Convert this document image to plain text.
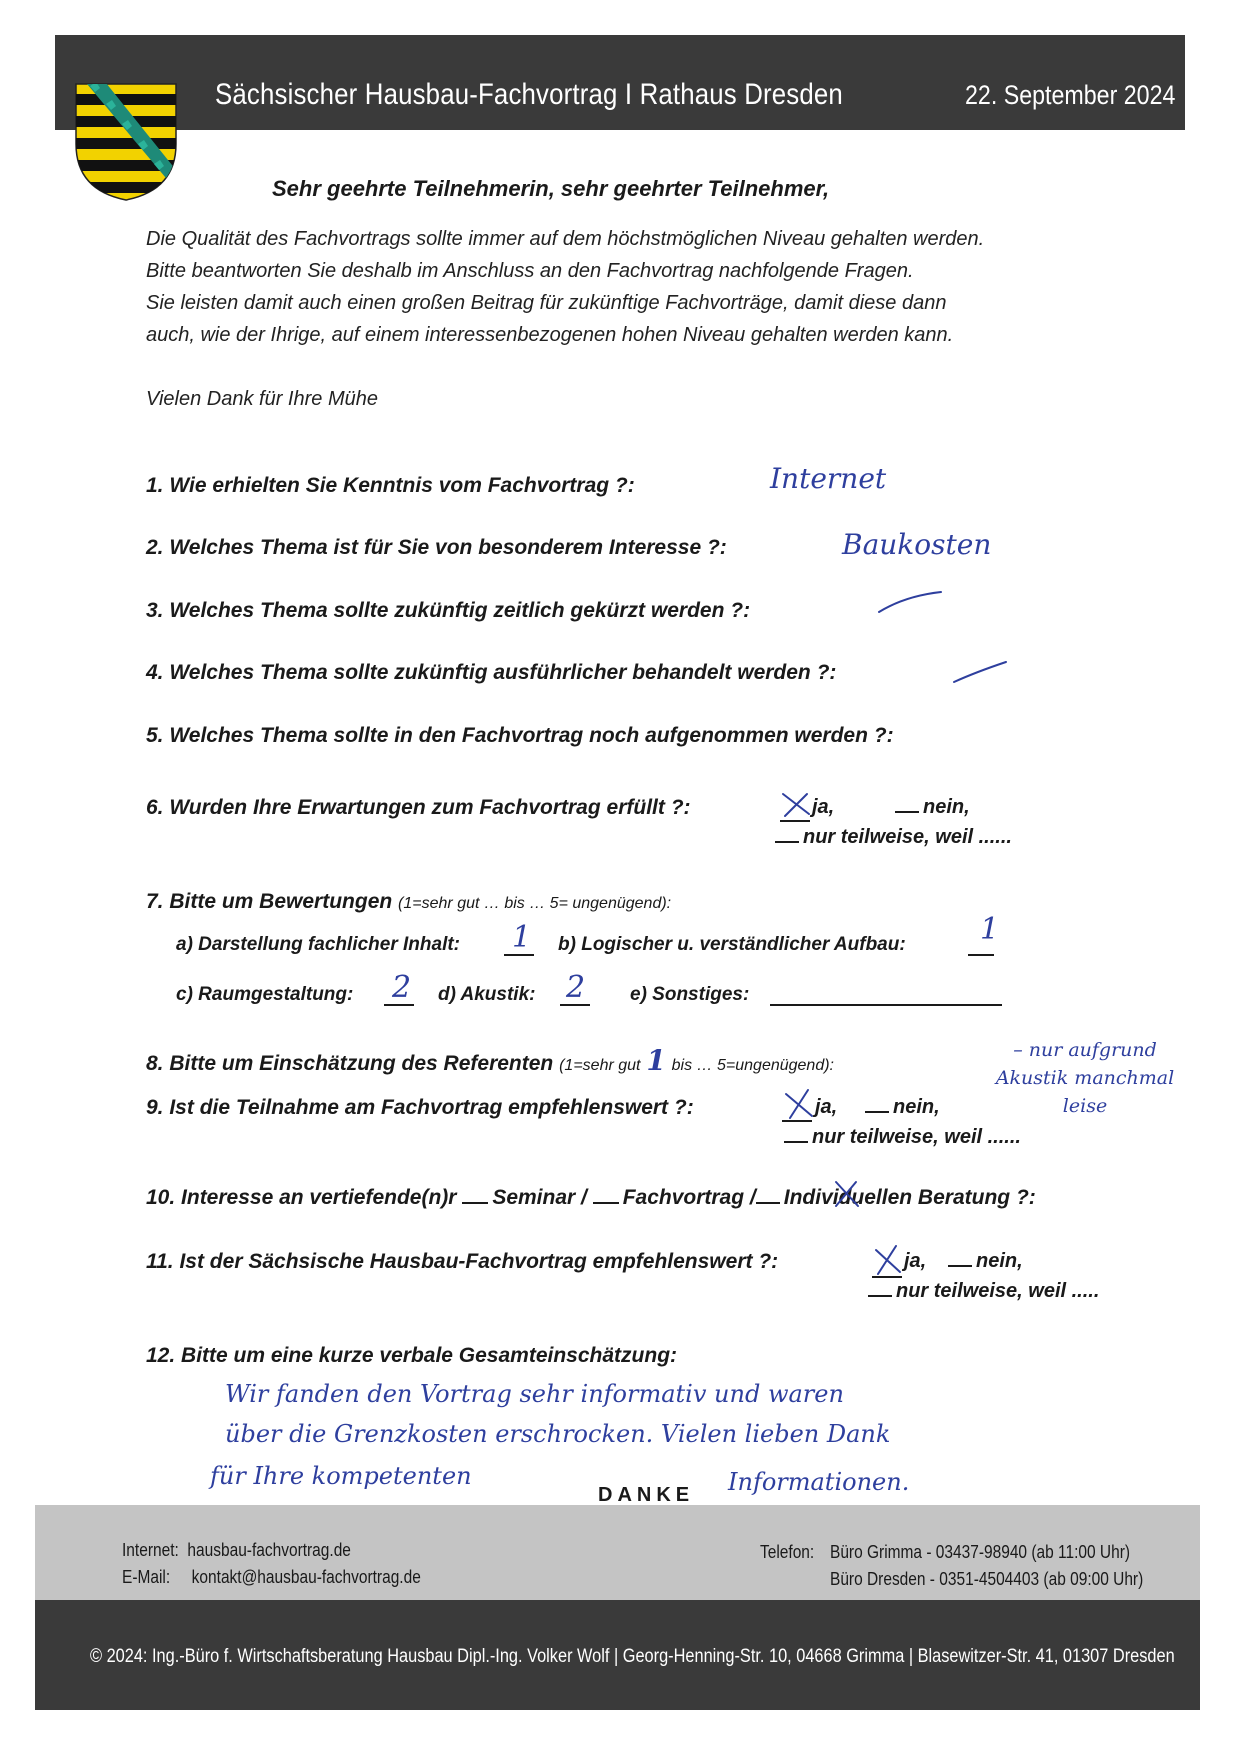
Sächsischer Hausbau-Fachvortrag I Rathaus Dresden	22. September 2024
Sehr geehrte Teilnehmerin, sehr geehrter Teilnehmer,
Die Qualität des Fachvortrags sollte immer auf dem höchstmöglichen Niveau gehalten werden.
Bitte beantworten Sie deshalb im Anschluss an den Fachvortrag nachfolgende Fragen.
Sie leisten damit auch einen großen Beitrag für zukünftige Fachvorträge, damit diese dann
auch, wie der Ihrige, auf einem interessenbezogenen hohen Niveau gehalten werden kann.
Vielen Dank für Ihre Mühe
1. Wie erhielten Sie Kenntnis vom Fachvortrag ?:	Internet
2. Welches Thema ist für Sie von besonderem Interesse ?:	Baukosten
3. Welches Thema sollte zukünftig zeitlich gekürzt werden ?:
4. Welches Thema sollte zukünftig ausführlicher behandelt werden ?:
5. Welches Thema sollte in den Fachvortrag noch aufgenommen werden ?:
6. Wurden Ihre Erwartungen zum Fachvortrag erfüllt ?:	ja,	nein,
nur teilweise, weil ......
7. Bitte um Bewertungen (1=sehr gut … bis … 5= ungenügend):
a) Darstellung fachlicher Inhalt: 1 b) Logischer u. verständlicher Aufbau: 1
c) Raumgestaltung: 2 d) Akustik: 2 e) Sonstiges:
8. Bitte um Einschätzung des Referenten (1=sehr gut 1 bis … 5=ungenügend):
– nur aufgrund Akustik manchmal leise
9. Ist die Teilnahme am Fachvortrag empfehlenswert ?:	ja,	nein,
nur teilweise, weil ......
10. Interesse an vertiefende(n)r Seminar / Fachvortrag / Individuellen Beratung ?:
11. Ist der Sächsische Hausbau-Fachvortrag empfehlenswert ?:	ja,	nein,
nur teilweise, weil .....
12. Bitte um eine kurze verbale Gesamteinschätzung:
Wir fanden den Vortrag sehr informativ und waren
über die Grenzkosten erschrocken. Vielen lieben Dank
für Ihre kompetenten	Informationen.
DANKE
Internet: hausbau-fachvortrag.de
E-Mail: kontakt@hausbau-fachvortrag.de
Telefon: Büro Grimma - 03437-98940 (ab 11:00 Uhr)
Büro Dresden - 0351-4504403 (ab 09:00 Uhr)
© 2024: Ing.-Büro f. Wirtschaftsberatung Hausbau Dipl.-Ing. Volker Wolf | Georg-Henning-Str. 10, 04668 Grimma | Blasewitzer-Str. 41, 01307 Dresden
